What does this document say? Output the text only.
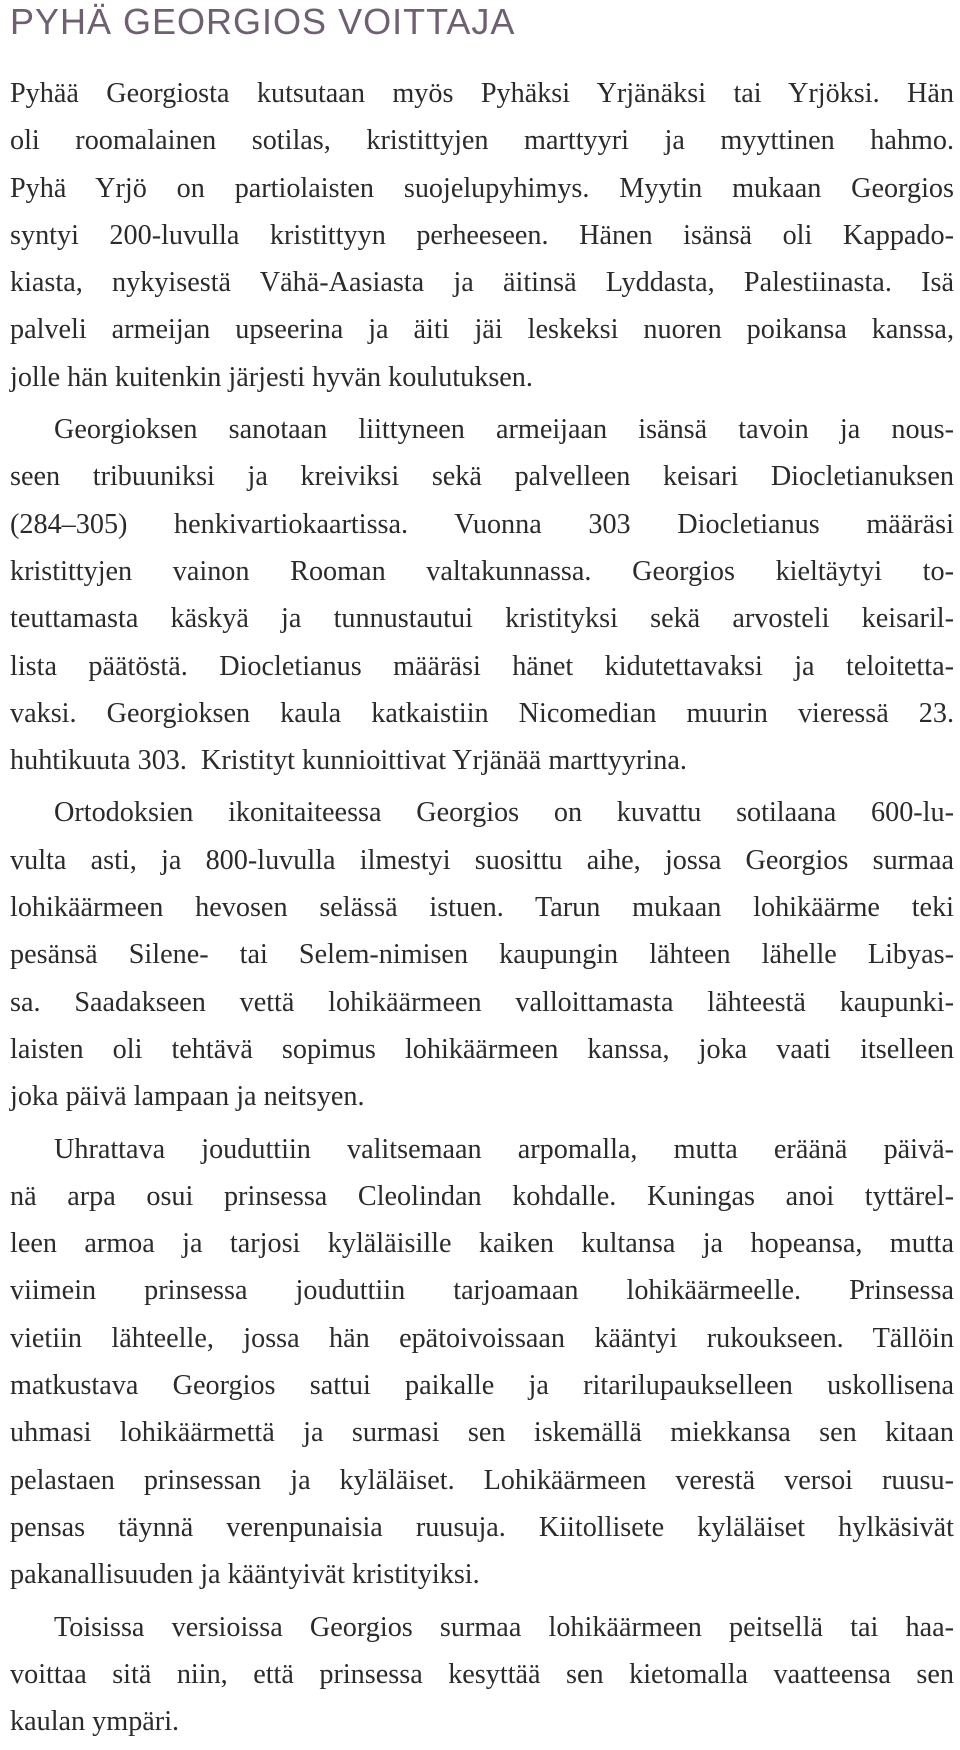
PYHÄ GEORGIOS VOITTAJA

Pyhää Georgiosta kutsutaan myös Pyhäksi Yrjänäksi tai Yrjöksi. Hän
oli roomalainen sotilas, kristittyjen marttyyri ja myyttinen hahmo.
Pyhä Yrjö on partiolaisten suojelupyhimys. Myytin mukaan Georgios
syntyi 200-luvulla kristittyyn perheeseen. Hänen isänsä oli Kappado-
kiasta, nykyisestä Vähä-Aasiasta ja äitinsä Lyddasta, Palestiinasta. Isä
palveli armeijan upseerina ja äiti jäi leskeksi nuoren poikansa kanssa,
jolle hän kuitenkin järjesti hyvän koulutuksen.

Georgioksen sanotaan liittyneen armeijaan isänsä tavoin ja nous-
seen tribuuniksi ja kreiviksi sekä palvelleen keisari Diocletianuksen
(284–305) henkivartiokaartissa. Vuonna 303 Diocletianus määräsi
kristittyjen vainon Rooman valtakunnassa. Georgios kieltäytyi to-
teuttamasta käskyä ja tunnustautui kristityksi sekä arvosteli keisaril-
lista päätöstä. Diocletianus määräsi hänet kidutettavaksi ja teloitetta-
vaksi. Georgioksen kaula katkaistiin Nicomedian muurin vieressä 23.
huhtikuuta 303.  Kristityt kunnioittivat Yrjänää marttyyrina.

Ortodoksien ikonitaiteessa Georgios on kuvattu sotilaana 600-lu-
vulta asti, ja 800-luvulla ilmestyi suosittu aihe, jossa Georgios surmaa
lohikäärmeen hevosen selässä istuen. Tarun mukaan lohikäärme teki
pesänsä Silene- tai Selem-nimisen kaupungin lähteen lähelle Libyas-
sa. Saadakseen vettä lohikäärmeen valloittamasta lähteestä kaupunki-
laisten oli tehtävä sopimus lohikäärmeen kanssa, joka vaati itselleen
joka päivä lampaan ja neitsyen.

Uhrattava jouduttiin valitsemaan arpomalla, mutta eräänä päivä-
nä arpa osui prinsessa Cleolindan kohdalle. Kuningas anoi tyttärel-
leen armoa ja tarjosi kyläläisille kaiken kultansa ja hopeansa, mutta
viimein prinsessa jouduttiin tarjoamaan lohikäärmeelle. Prinsessa
vietiin lähteelle, jossa hän epätoivoissaan kääntyi rukoukseen. Tällöin
matkustava Georgios sattui paikalle ja ritarilupaukselleen uskollisena
uhmasi lohikäärmettä ja surmasi sen iskemällä miekkansa sen kitaan
pelastaen prinsessan ja kyläläiset. Lohikäärmeen verestä versoi ruusu-
pensas täynnä verenpunaisia ruusuja. Kiitollisete kyläläiset hylkäsivät
pakanallisuuden ja kääntyivät kristityiksi.

Toisissa versioissa Georgios surmaa lohikäärmeen peitsellä tai haa-
voittaa sitä niin, että prinsessa kesyttää sen kietomalla vaatteensa sen
kaulan ympäri.
